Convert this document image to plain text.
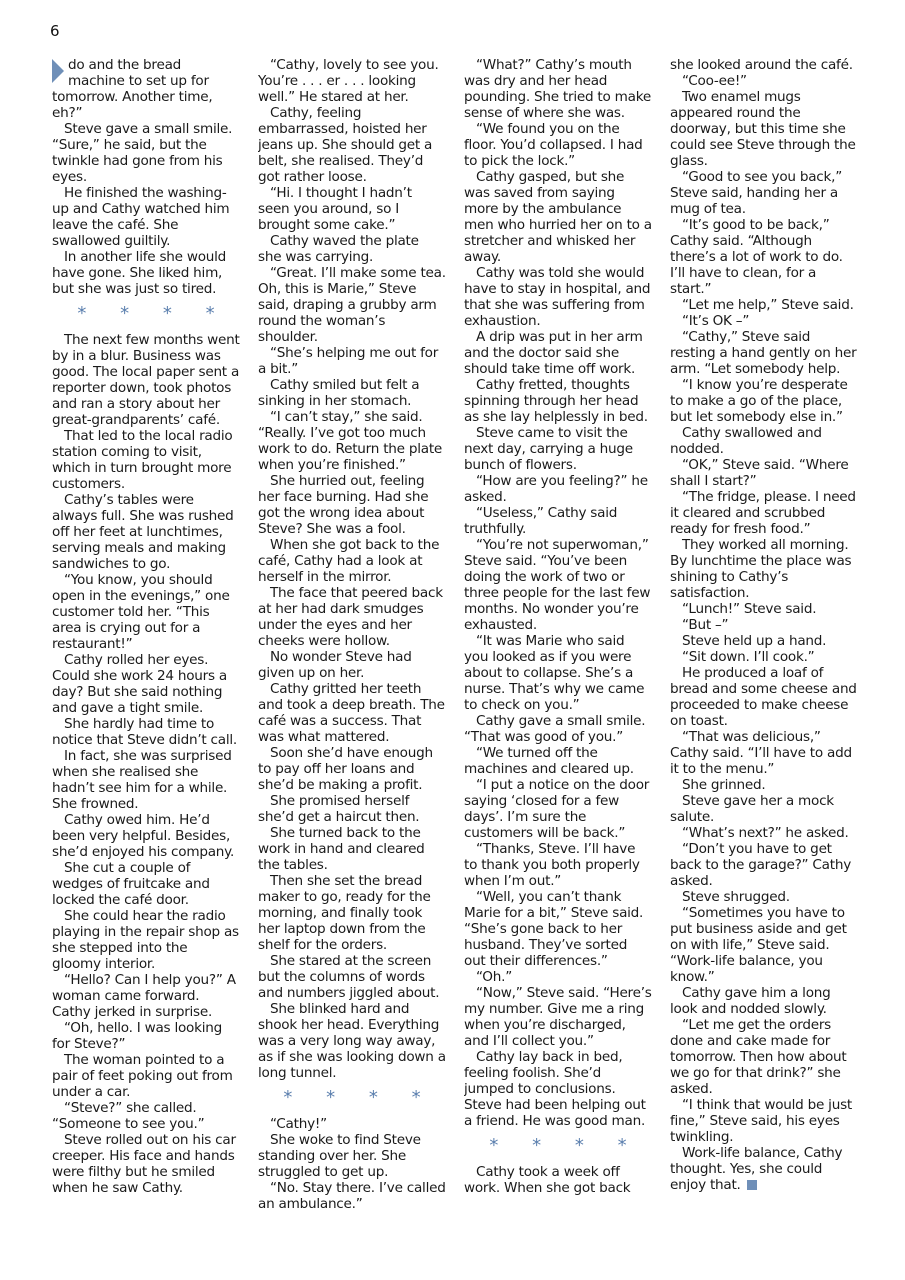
6

do and the bread machine to set up for tomorrow. Another time, eh?”

Steve gave a small smile. “Sure,” he said, but the twinkle had gone from his eyes.

He finished the washing-up and Cathy watched him leave the café. She swallowed guiltily.

In another life she would have gone. She liked him, but she was just so tired.

* * * *

The next few months went by in a blur. Business was good. The local paper sent a reporter down, took photos and ran a story about her great-grandparents’ café.

That led to the local radio station coming to visit, which in turn brought more customers.

Cathy’s tables were always full. She was rushed off her feet at lunchtimes, serving meals and making sandwiches to go.

“You know, you should open in the evenings,” one customer told her. “This area is crying out for a restaurant!”

Cathy rolled her eyes. Could she work 24 hours a day? But she said nothing and gave a tight smile.

She hardly had time to notice that Steve didn’t call.

In fact, she was surprised when she realised she hadn’t see him for a while. She frowned.

Cathy owed him. He’d been very helpful. Besides, she’d enjoyed his company.

She cut a couple of wedges of fruitcake and locked the café door.

She could hear the radio playing in the repair shop as she stepped into the gloomy interior.

“Hello? Can I help you?” A woman came forward. Cathy jerked in surprise.

“Oh, hello. I was looking for Steve?”

The woman pointed to a pair of feet poking out from under a car.

“Steve?” she called. “Someone to see you.”

Steve rolled out on his car creeper. His face and hands were filthy but he smiled when he saw Cathy.

“Cathy, lovely to see you. You’re . . . er . . . looking well.” He stared at her.

Cathy, feeling embarrassed, hoisted her jeans up. She should get a belt, she realised. They’d got rather loose.

“Hi. I thought I hadn’t seen you around, so I brought some cake.”

Cathy waved the plate she was carrying.

“Great. I’ll make some tea. Oh, this is Marie,” Steve said, draping a grubby arm round the woman’s shoulder.

“She’s helping me out for a bit.”

Cathy smiled but felt a sinking in her stomach.

“I can’t stay,” she said. “Really. I’ve got too much work to do. Return the plate when you’re finished.”

She hurried out, feeling her face burning. Had she got the wrong idea about Steve? She was a fool.

When she got back to the café, Cathy had a look at herself in the mirror.

The face that peered back at her had dark smudges under the eyes and her cheeks were hollow.

No wonder Steve had given up on her.

Cathy gritted her teeth and took a deep breath. The café was a success. That was what mattered.

Soon she’d have enough to pay off her loans and she’d be making a profit.

She promised herself she’d get a haircut then.

She turned back to the work in hand and cleared the tables.

Then she set the bread maker to go, ready for the morning, and finally took her laptop down from the shelf for the orders.

She stared at the screen but the columns of words and numbers jiggled about.

She blinked hard and shook her head. Everything was a very long way away, as if she was looking down a long tunnel.

* * * *

“Cathy!”

She woke to find Steve standing over her. She struggled to get up.

“No. Stay there. I’ve called an ambulance.”

“What?” Cathy’s mouth was dry and her head pounding. She tried to make sense of where she was.

“We found you on the floor. You’d collapsed. I had to pick the lock.”

Cathy gasped, but she was saved from saying more by the ambulance men who hurried her on to a stretcher and whisked her away.

Cathy was told she would have to stay in hospital, and that she was suffering from exhaustion.

A drip was put in her arm and the doctor said she should take time off work.

Cathy fretted, thoughts spinning through her head as she lay helplessly in bed.

Steve came to visit the next day, carrying a huge bunch of flowers.

“How are you feeling?” he asked.

“Useless,” Cathy said truthfully.

“You’re not superwoman,” Steve said. “You’ve been doing the work of two or three people for the last few months. No wonder you’re exhausted.

“It was Marie who said you looked as if you were about to collapse. She’s a nurse. That’s why we came to check on you.”

Cathy gave a small smile. “That was good of you.”

“We turned off the machines and cleared up.

“I put a notice on the door saying ‘closed for a few days’. I’m sure the customers will be back.”

“Thanks, Steve. I’ll have to thank you both properly when I’m out.”

“Well, you can’t thank Marie for a bit,” Steve said. “She’s gone back to her husband. They’ve sorted out their differences.”

“Oh.”

“Now,” Steve said. “Here’s my number. Give me a ring when you’re discharged, and I’ll collect you.”

Cathy lay back in bed, feeling foolish. She’d jumped to conclusions. Steve had been helping out a friend. He was good man.

* * * *

Cathy took a week off work. When she got back

she looked around the café.

“Coo-ee!”

Two enamel mugs appeared round the doorway, but this time she could see Steve through the glass.

“Good to see you back,” Steve said, handing her a mug of tea.

“It’s good to be back,” Cathy said. “Although there’s a lot of work to do. I’ll have to clean, for a start.”

“Let me help,” Steve said.

“It’s OK –”

“Cathy,” Steve said resting a hand gently on her arm. “Let somebody help.

“I know you’re desperate to make a go of the place, but let somebody else in.”

Cathy swallowed and nodded.

“OK,” Steve said. “Where shall I start?”

“The fridge, please. I need it cleared and scrubbed ready for fresh food.”

They worked all morning. By lunchtime the place was shining to Cathy’s satisfaction.

“Lunch!” Steve said.

“But –”

Steve held up a hand.

“Sit down. I’ll cook.”

He produced a loaf of bread and some cheese and proceeded to make cheese on toast.

“That was delicious,” Cathy said. “I’ll have to add it to the menu.”

She grinned.

Steve gave her a mock salute.

“What’s next?” he asked.

“Don’t you have to get back to the garage?” Cathy asked.

Steve shrugged.

“Sometimes you have to put business aside and get on with life,” Steve said. “Work-life balance, you know.”

Cathy gave him a long look and nodded slowly.

“Let me get the orders done and cake made for tomorrow. Then how about we go for that drink?” she asked.

“I think that would be just fine,” Steve said, his eyes twinkling.

Work-life balance, Cathy thought. Yes, she could enjoy that.
